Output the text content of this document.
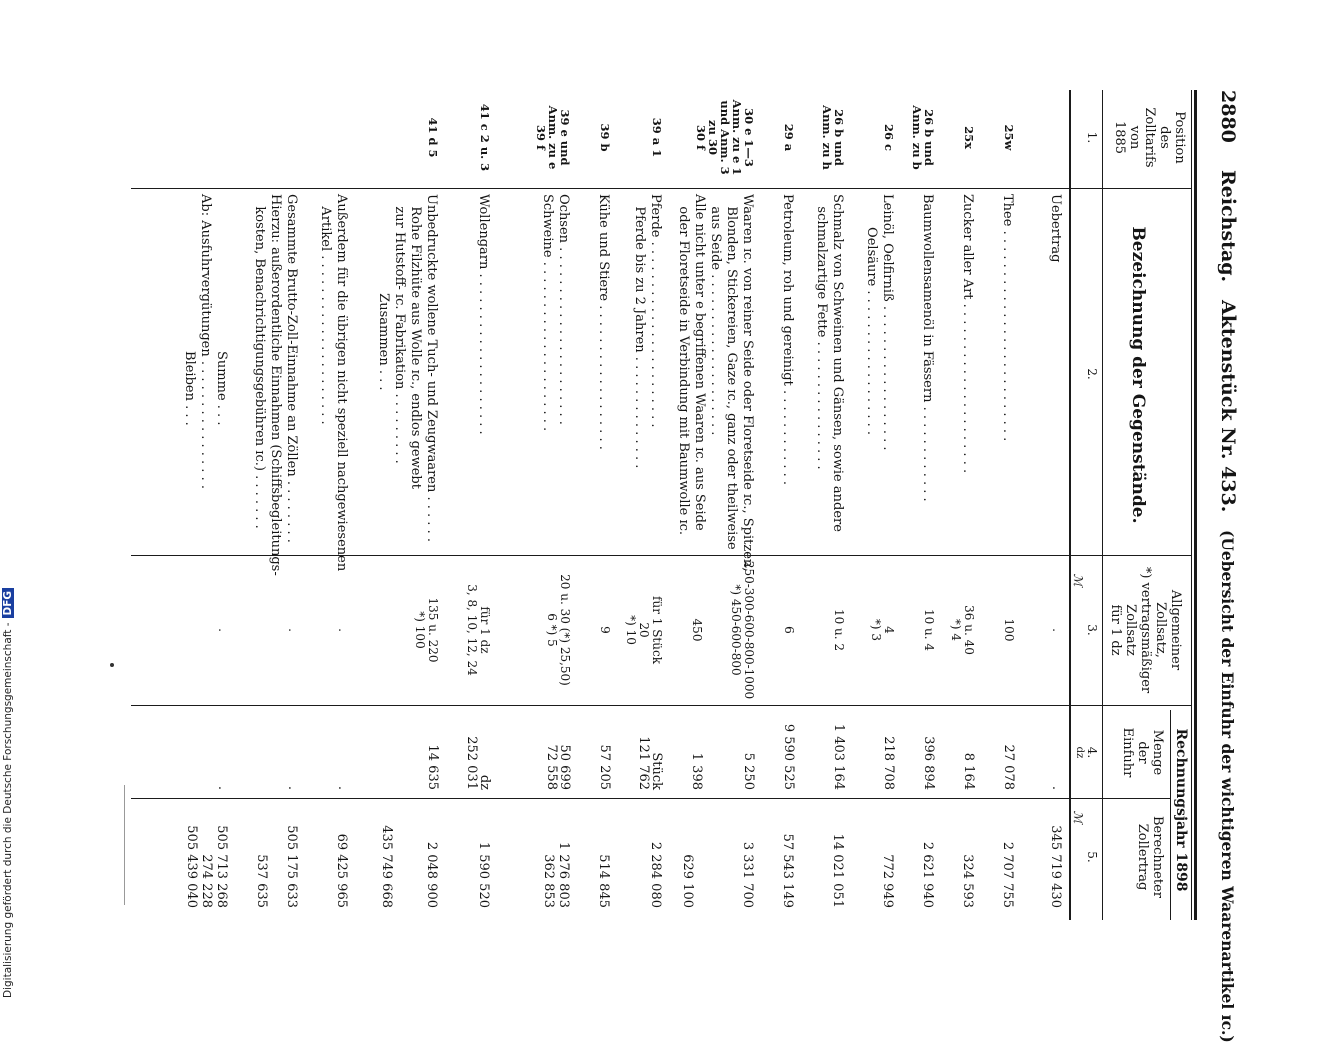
Digitalisierung gefördert durch die Deutsche Forschungsgemeinschaft -DFG
2880
Reichstag.
Aktenstück Nr. 433.
(Uebersicht der Einfuhr der wichtigeren Waarenartikel ɪc.)
Position
des
Zolltarifs
von
1885
Bezeichnung der Gegenstände.
Allgemeiner Zollsatz,
*) vertragsmäßiger
Zollsatz
für 1 dz
Rechnungsjahr 1898
Menge
der
Einfuhr
Berechneter
Zollertrag
1.
2.
3.
4.
5.
ℳ
dz
ℳ
Uebertrag
.
.
345 719 430
25w
Thee . . . . . . . . . . . . . . . . . . . . . . . . . .
100
27 078
2 707 755
25x
Zucker aller Art . . . . . . . . . . . . . . . . . . . . .
36 u. 40
*) 4
8 164
324 593
26 b und
Anm. zu b
Baumwollensamenöl in Fässern . . . . . . . . . . . .
10 u. 4
396 894
2 621 940
26 c
Leinöl, Oelfirniß . . . . . . . . . . . . . . . . . .
Oelsäure . . . . . . . . . . . . . . . . . .
4
*) 3
218 708
772 949
26 b und
Anm. zu h
Schmalz von Schweinen und Gänsen, sowie andere
schmalzartige Fette . . . . . . . . . . . . . . . .
10 u. 2
1 403 164
14 021 051
29 a
Petroleum, roh und gereinigt . . . . . . . . . . . .
6
9 590 525
57 543 149
30 e 1—3
Anm. zu e 1
und Anm. 3
zu 30
30 f
Waaren ɪc. von reiner Seide oder Floretseide ɪc., Spitzen,
Blonden, Stickereien, Gaze ɪc., ganz oder theilweise
aus Seide . . . . . . . . . . . . . . . . . . . .
Alle nicht unter e begriffenen Waaren ɪc. aus Seide
oder Floretseide in Verbindung mit Baumwolle ɪc.
250-300-600-800-1000
*) 450-600-800

450
5 250

1 398
3 331 700

629 100
39 a 1
Pferde . . . . . . . . . . . . . . . . . . . . . . .
Pferde bis zu 2 Jahren . . . . . . . . . . . . . .
für 1 Stück
20
*) 10
Stück
121 762
2 284 080
39 b
Kühe und Stiere . . . . . . . . . . . . . . . . . .
9
57 205
514 845
39 e und
Anm. zu e
39 f
Ochsen . . . . . . . . . . . . . . . . . . . . . .
Schweine . . . . . . . . . . . . . . . . . . . . .
20 u. 30 (*) 25,50)
6 *) 5
50 699
72 558
1 276 803
362 853
41 c 2 u. 3
Wollengarn . . . . . . . . . . . . . . . . . . . .
für 1 dz
3, 8, 10, 12, 24
dz
252 031
1 590 520
41 d 5
Unbedruckte wollene Tuch- und Zeugwaaren . . . . . .
Rohe Filzhüte aus Wolle ɪc., endlos gewebt
zur Hutstoff- ɪc. Fabrikation . . . . . . . . .
Zusammen . . .
135 u. 220
*) 100
14 635
2 048 900

435 749 668
Außerdem für die übrigen nicht speziell nachgewiesenen
Artikel . . . . . . . . . . . . . . . . . . . . .
.
.
69 425 965
Gesammte Brutto-Zoll-Einnahme an Zöllen . . . . . . . .
Hierzu: außerordentliche Einnahmen (Schiffsbegleitungs-
kosten, Benachrichtigungsgebühren ɪc.) . . . . . . .
.
.
505 175 633

537 635
Summe . . .
Ab: Ausfuhrvergütungen . . . . . . . . . . . . . . . .
Bleiben . . .
.
.
505 713 268
274 228
505 439 040
